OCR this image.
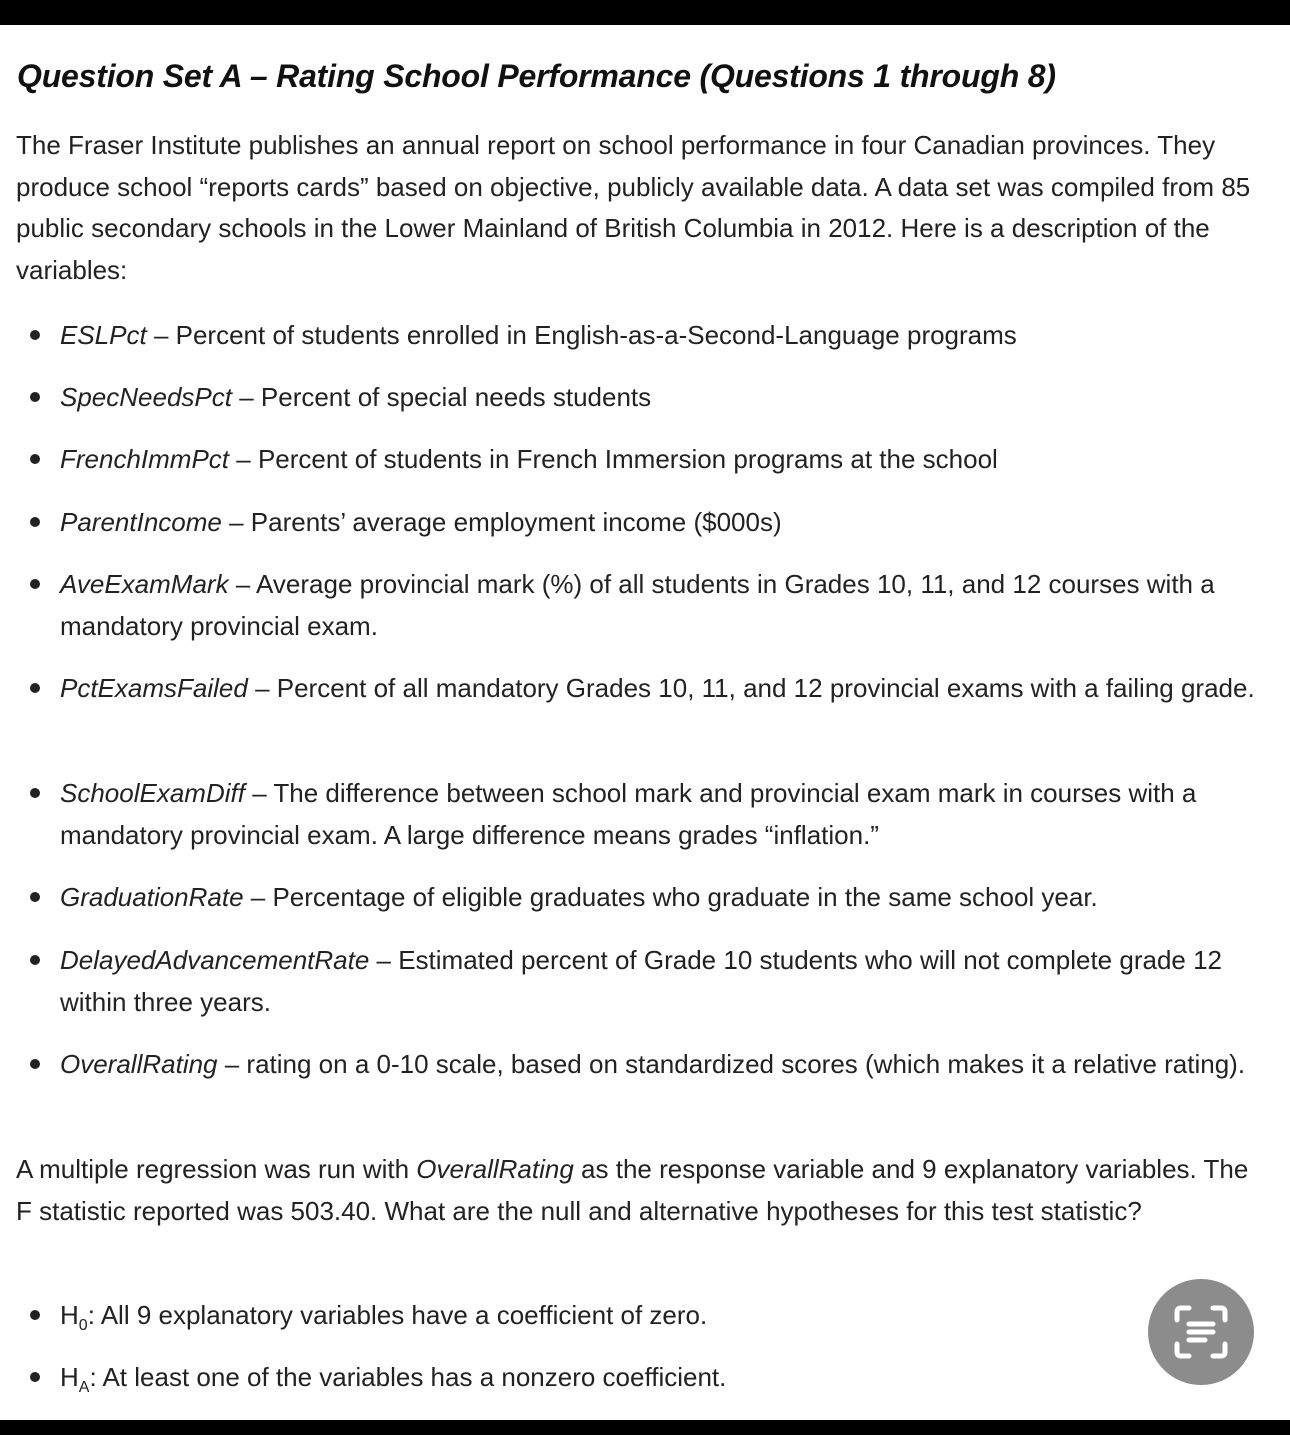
Question Set A – Rating School Performance (Questions 1 through 8)

The Fraser Institute publishes an annual report on school performance in four Canadian provinces. They produce school “reports cards” based on objective, publicly available data. A data set was compiled from 85 public secondary schools in the Lower Mainland of British Columbia in 2012. Here is a description of the variables:

ESLPct – Percent of students enrolled in English-as-a-Second-Language programs
SpecNeedsPct – Percent of special needs students
FrenchImmPct – Percent of students in French Immersion programs at the school
ParentIncome – Parents’ average employment income ($000s)
AveExamMark – Average provincial mark (%) of all students in Grades 10, 11, and 12 courses with a mandatory provincial exam.
PctExamsFailed – Percent of all mandatory Grades 10, 11, and 12 provincial exams with a failing grade.
SchoolExamDiff – The difference between school mark and provincial exam mark in courses with a mandatory provincial exam. A large difference means grades “inflation.”
GraduationRate – Percentage of eligible graduates who graduate in the same school year.
DelayedAdvancementRate – Estimated percent of Grade 10 students who will not complete grade 12 within three years.
OverallRating – rating on a 0-10 scale, based on standardized scores (which makes it a relative rating).

A multiple regression was run with OverallRating as the response variable and 9 explanatory variables. The F statistic reported was 503.40. What are the null and alternative hypotheses for this test statistic?

$H_0$: All 9 explanatory variables have a coefficient of zero.
$H_A$: At least one of the variables has a nonzero coefficient.
